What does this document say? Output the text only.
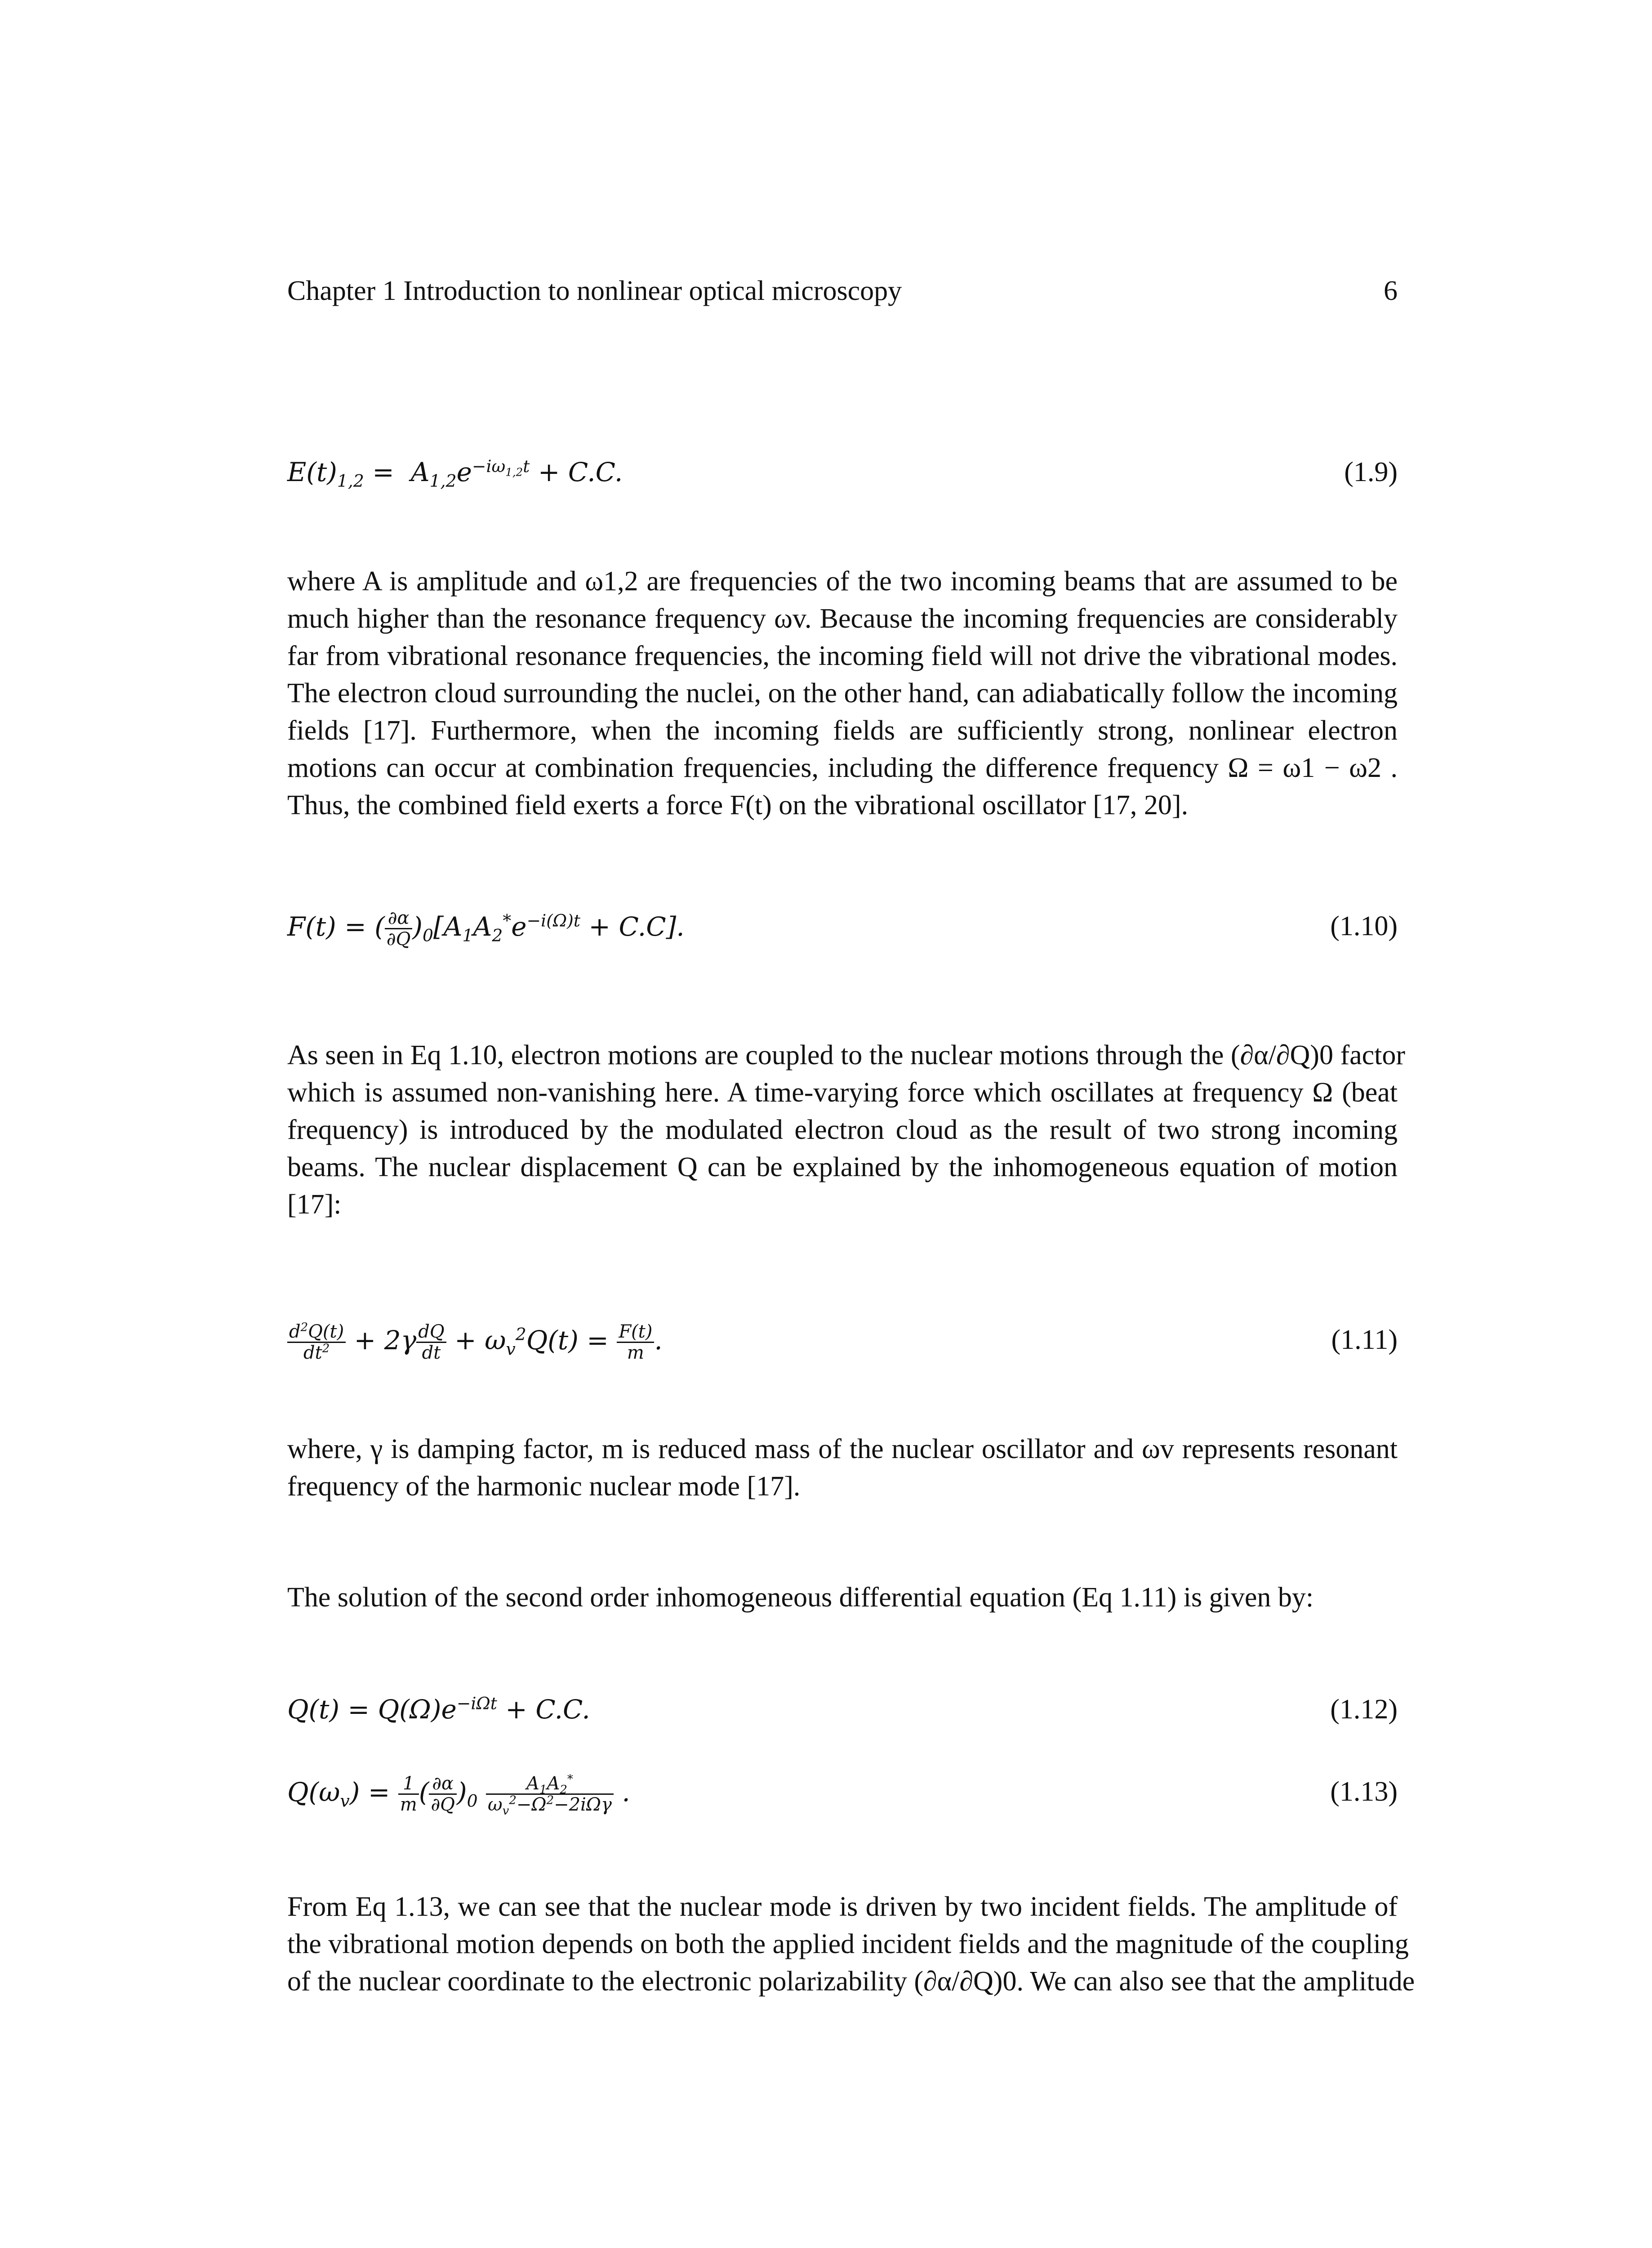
Chapter 1 Introduction to nonlinear optical microscopy	6
$E(t)_{1,2} = A_{1,2}e^{-i\omega_{1,2}t} + C.C$.	(1.9)
where A is amplitude and ω1,2 are frequencies of the two incoming beams that are assumed to be
much higher than the resonance frequency ωv. Because the incoming frequencies are considerably
far from vibrational resonance frequencies, the incoming field will not drive the vibrational modes.
The electron cloud surrounding the nuclei, on the other hand, can adiabatically follow the incoming
fields [17]. Furthermore, when the incoming fields are sufficiently strong, nonlinear electron
motions can occur at combination frequencies, including the difference frequency Ω = ω1 − ω2 .
Thus, the combined field exerts a force F(t) on the vibrational oscillator [17, 20].
F(t) = ( $\frac{\partial\alpha}{\partial Q} )_0[A_1A_2^*e^{-i(\Omega)t} + C.C]$.	(1.10)
As seen in Eq 1.10, electron motions are coupled to the nuclear motions through the (∂α/∂Q)0 factor
which is assumed non-vanishing here. A time-varying force which oscillates at frequency Ω (beat
frequency) is introduced by the modulated electron cloud as the result of two strong incoming
beams. The nuclear displacement Q can be explained by the inhomogeneous equation of motion
[17]:
$\frac{d^2Q(t)}{dt^2} + 2\gamma \frac{dQ}{dt} + \omega_v^2Q(t) = \frac{F(t)}{m}$ .	(1.11)
where, γ is damping factor, m is reduced mass of the nuclear oscillator and ωv represents resonant
frequency of the harmonic nuclear mode [17].
The solution of the second order inhomogeneous differential equation (Eq 1.11) is given by:
$Q(t) = Q(\Omega)e^{-i\Omega t} + C.C$.	(1.12)
$Q(\omega_v) = \frac{1}{m}$ ( $\frac{\partial\alpha}{\partial Q} )_0 \frac{A_1A_2^*}{\omega_v^2-\Omega^2-2i\Omega\gamma}$ .	(1.13)
From Eq 1.13, we can see that the nuclear mode is driven by two incident fields. The amplitude of
the vibrational motion depends on both the applied incident fields and the magnitude of the coupling
of the nuclear coordinate to the electronic polarizability (∂α/∂Q)0. We can also see that the amplitude
